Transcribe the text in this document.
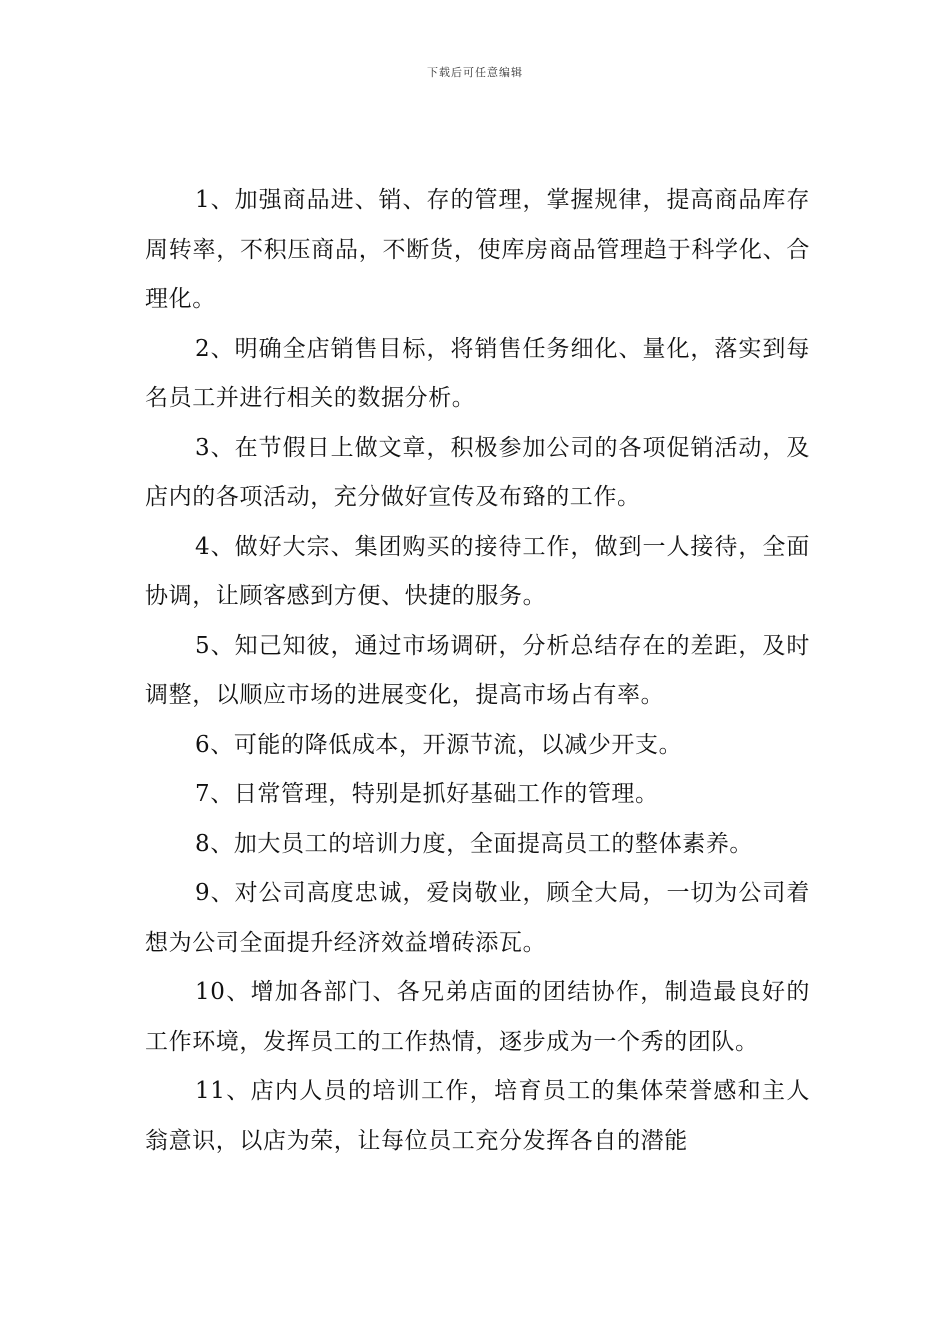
下载后可任意编辑

1、加强商品进、销、存的管理，掌握规律，提高商品库存周转率，不积压商品，不断货，使库房商品管理趋于科学化、合理化。

2、明确全店销售目标，将销售任务细化、量化，落实到每名员工并进行相关的数据分析。

3、在节假日上做文章，积极参加公司的各项促销活动，及店内的各项活动，充分做好宣传及布臵的工作。

4、做好大宗、集团购买的接待工作，做到一人接待，全面协调，让顾客感到方便、快捷的服务。

5、知己知彼，通过市场调研，分析总结存在的差距，及时调整，以顺应市场的进展变化，提高市场占有率。

6、可能的降低成本，开源节流，以减少开支。

7、日常管理，特别是抓好基础工作的管理。

8、加大员工的培训力度，全面提高员工的整体素养。

9、对公司高度忠诚，爱岗敬业，顾全大局，一切为公司着想为公司全面提升经济效益增砖添瓦。

10、增加各部门、各兄弟店面的团结协作，制造最良好的工作环境，发挥员工的工作热情，逐步成为一个秀的团队。

11、店内人员的培训工作，培育员工的集体荣誉感和主人翁意识，以店为荣，让每位员工充分发挥各自的潜能
